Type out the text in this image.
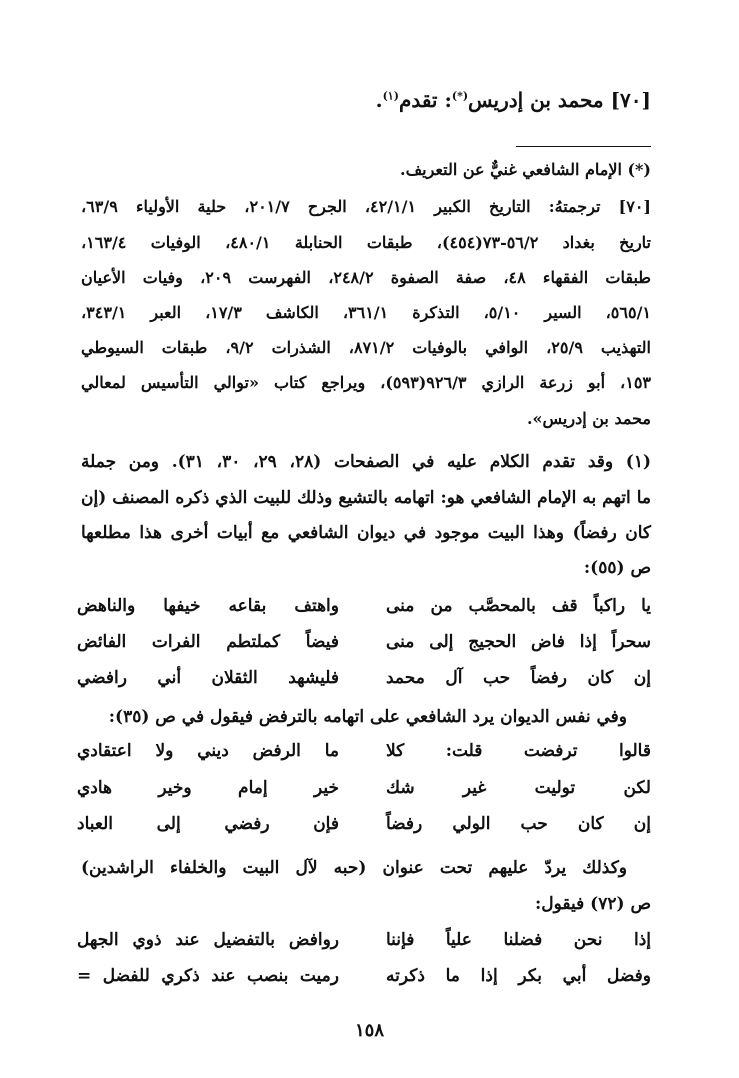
[٧٠] محمد بن إدريس(*): تقدم$^{(١)}$.
(*) الإمام الشافعي غنيٌّ عن التعريف.
[٧٠] ترجمتهُ: التاريخ الكبير ٤٢/١/١، الجرح ٢٠١/٧، حلية الأولياء ٦٣/٩،
تاريخ بغداد ٥٦/٢-٧٣(٤٥٤)، طبقات الحنابلة ٤٨٠/١، الوفيات ١٦٣/٤،
طبقات الفقهاء ٤٨، صفة الصفوة ٢٤٨/٢، الفهرست ٢٠٩، وفيات الأعيان
٥٦٥/١، السير ٥/١٠، التذكرة ٣٦١/١، الكاشف ١٧/٣، العبر ٣٤٣/١،
التهذيب ٢٥/٩، الوافي بالوفيات ٨٧١/٢، الشذرات ٩/٢، طبقات السيوطي
١٥٣، أبو زرعة الرازي ٩٢٦/٣(٥٩٣)، ويراجع كتاب «توالي التأسيس لمعالي
محمد بن إدريس».
(١) وقد تقدم الكلام عليه في الصفحات (٢٨، ٢٩، ٣٠، ٣١). ومن جملة
ما اتهم به الإمام الشافعي هو: اتهامه بالتشيع وذلك للبيت الذي ذكره المصنف (إن
كان رفضاً) وهذا البيت موجود في ديوان الشافعي مع أبيات أخرى هذا مطلعها
ص (٥٥):
يا راكباً قف بالمحصَّب من منى
واهتف بقاعه خيفها والناهض
سحراً إذا فاض الحجيج إلى منى
فيضاً كملتطم الفرات الفائض
إن كان رفضاً حب آل محمد
فليشهد الثقلان أني رافضي
وفي نفس الديوان يرد الشافعي على اتهامه بالترفض فيقول في ص (٣٥):
قالوا ترفضت قلت: كلا
ما الرفض ديني ولا اعتقادي
لكن توليت غير شك
خير إمام وخير هادي
إن كان حب الولي رفضاً
فإن رفضي إلى العباد
وكذلك يردّ عليهم تحت عنوان (حبه لآل البيت والخلفاء الراشدين)
ص (٧٢) فيقول:
إذا نحن فضلنا علياً فإننا
روافض بالتفضيل عند ذوي الجهل
وفضل أبي بكر إذا ما ذكرته
رميت بنصب عند ذكري للفضل =
١٥٨
